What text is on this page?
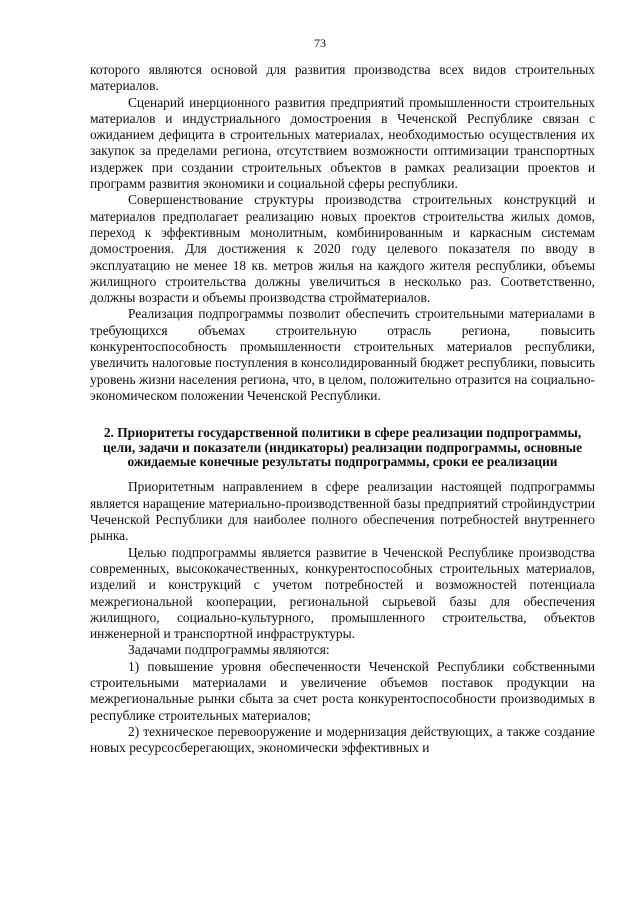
73

которого являются основой для развития производства всех видов строительных материалов.

Сценарий инерционного развития предприятий промышленности строительных материалов и индустриального домостроения в Чеченской Республике связан с ожиданием дефицита в строительных материалах, необходимостью осуществления их закупок за пределами региона, отсутствием возможности оптимизации транспортных издержек при создании строительных объектов в рамках реализации проектов и программ развития экономики и социальной сферы республики.

Совершенствование структуры производства строительных конструкций и материалов предполагает реализацию новых проектов строительства жилых домов, переход к эффективным монолитным, комбинированным и каркасным системам домостроения. Для достижения к 2020 году целевого показателя по вводу в эксплуатацию не менее 18 кв. метров жилья на каждого жителя республики, объемы жилищного строительства должны увеличиться в несколько раз. Соответственно, должны возрасти и объемы производства стройматериалов.

Реализация подпрограммы позволит обеспечить строительными материалами в требующихся объемах строительную отрасль региона, повысить конкурентоспособность промышленности строительных материалов республики, увеличить налоговые поступления в консолидированный бюджет республики, повысить уровень жизни населения региона, что, в целом, положительно отразится на социально-экономическом положении Чеченской Республики.

2. Приоритеты государственной политики в сфере реализации подпрограммы, цели, задачи и показатели (индикаторы) реализации подпрограммы, основные ожидаемые конечные результаты подпрограммы, сроки ее реализации

Приоритетным направлением в сфере реализации настоящей подпрограммы является наращение материально-производственной базы предприятий стройиндустрии Чеченской Республики для наиболее полного обеспечения потребностей внутреннего рынка.

Целью подпрограммы является развитие в Чеченской Республике производства современных, высококачественных, конкурентоспособных строительных материалов, изделий и конструкций с учетом потребностей и возможностей потенциала межрегиональной кооперации, региональной сырьевой базы для обеспечения жилищного, социально-культурного, промышленного строительства, объектов инженерной и транспортной инфраструктуры.

Задачами подпрограммы являются:

1) повышение уровня обеспеченности Чеченской Республики собственными строительными материалами и увеличение объемов поставок продукции на межрегиональные рынки сбыта за счет роста конкурентоспособности производимых в республике строительных материалов;

2) техническое перевооружение и модернизация действующих, а также создание новых ресурсосберегающих, экономически эффективных и
